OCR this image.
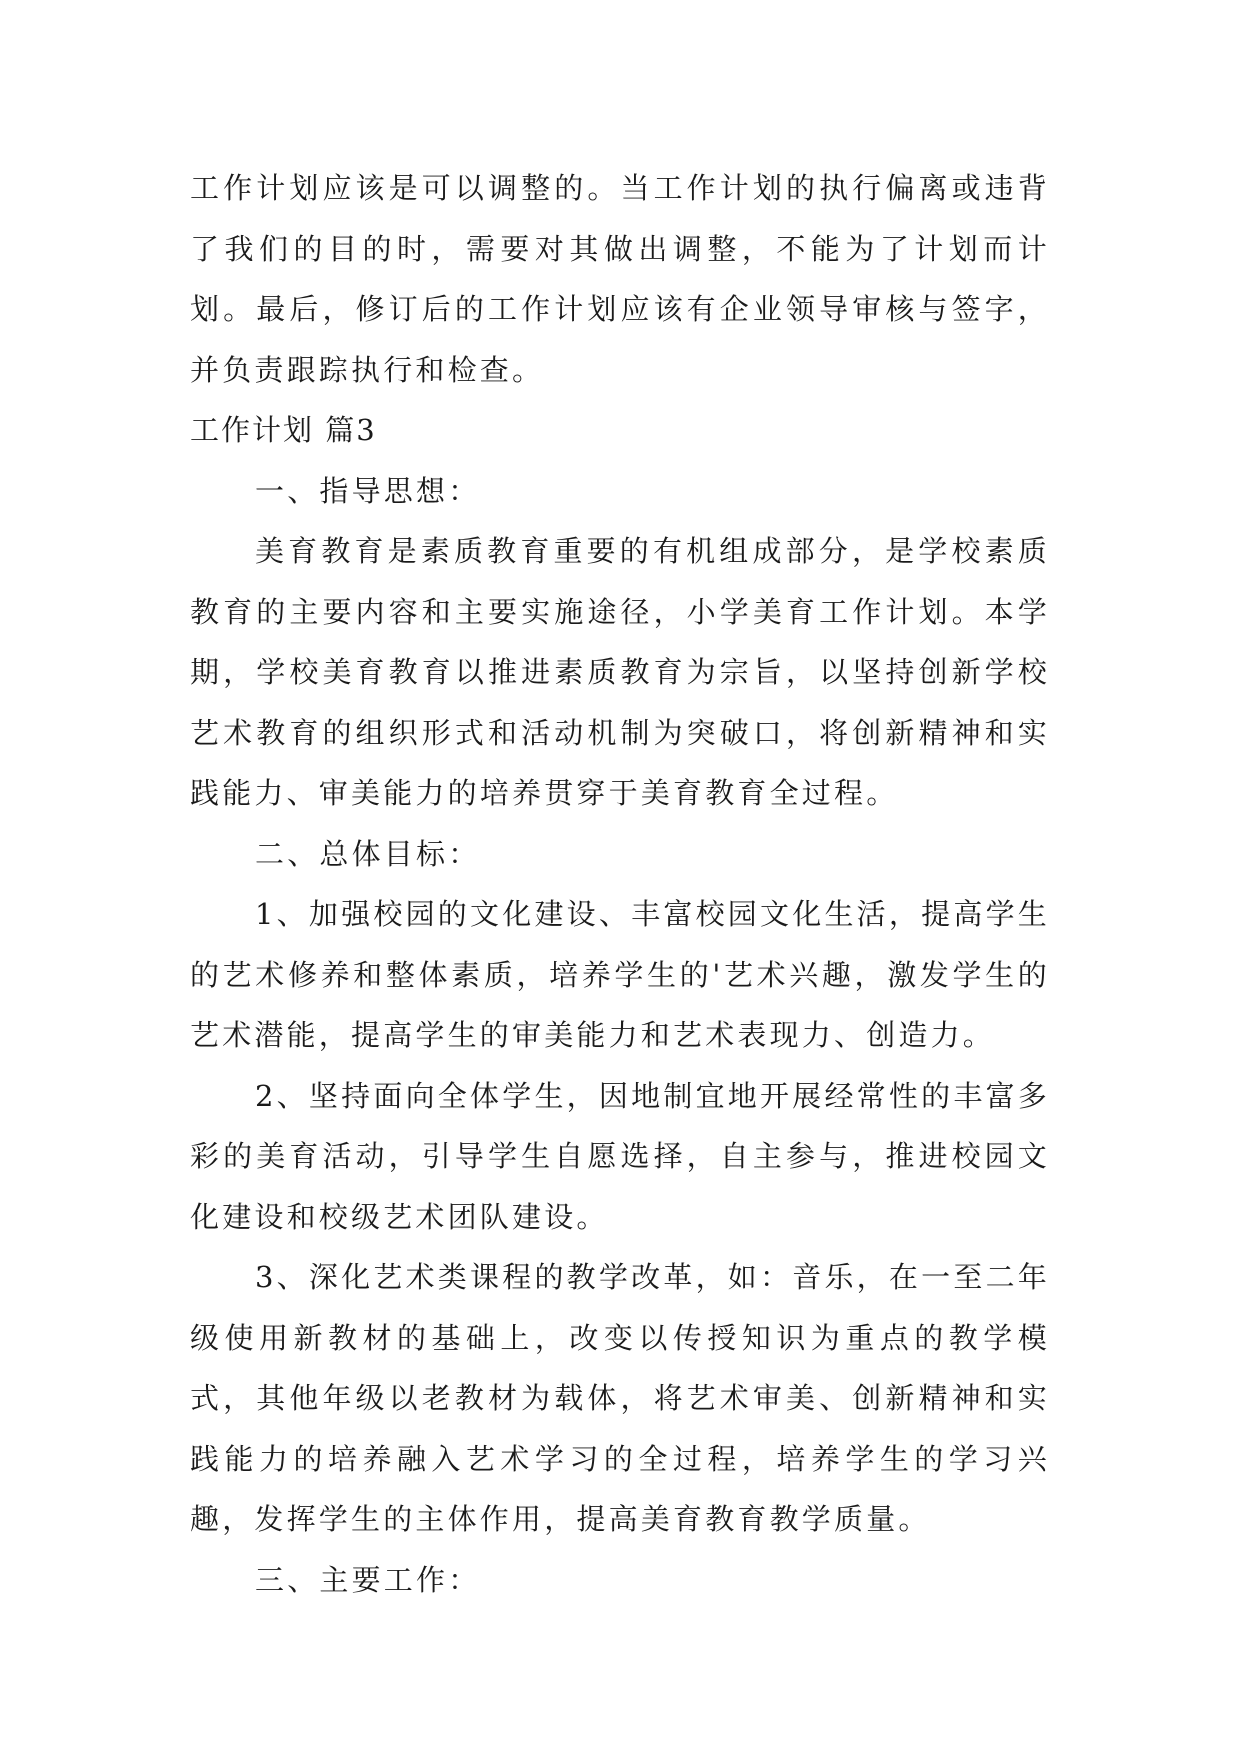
工作计划应该是可以调整的。当工作计划的执行偏离或违背了我们的目的时，需要对其做出调整，不能为了计划而计划。最后，修订后的工作计划应该有企业领导审核与签字，并负责跟踪执行和检查。

工作计划 篇3

一、指导思想：

美育教育是素质教育重要的有机组成部分，是学校素质教育的主要内容和主要实施途径，小学美育工作计划。本学期，学校美育教育以推进素质教育为宗旨，以坚持创新学校艺术教育的组织形式和活动机制为突破口，将创新精神和实践能力、审美能力的培养贯穿于美育教育全过程。

二、总体目标：

1、加强校园的文化建设、丰富校园文化生活，提高学生的艺术修养和整体素质，培养学生的'艺术兴趣，激发学生的艺术潜能，提高学生的审美能力和艺术表现力、创造力。

2、坚持面向全体学生，因地制宜地开展经常性的丰富多彩的美育活动，引导学生自愿选择，自主参与，推进校园文化建设和校级艺术团队建设。

3、深化艺术类课程的教学改革，如：音乐，在一至二年级使用新教材的基础上，改变以传授知识为重点的教学模式，其他年级以老教材为载体，将艺术审美、创新精神和实践能力的培养融入艺术学习的全过程，培养学生的学习兴趣，发挥学生的主体作用，提高美育教育教学质量。

三、主要工作：
